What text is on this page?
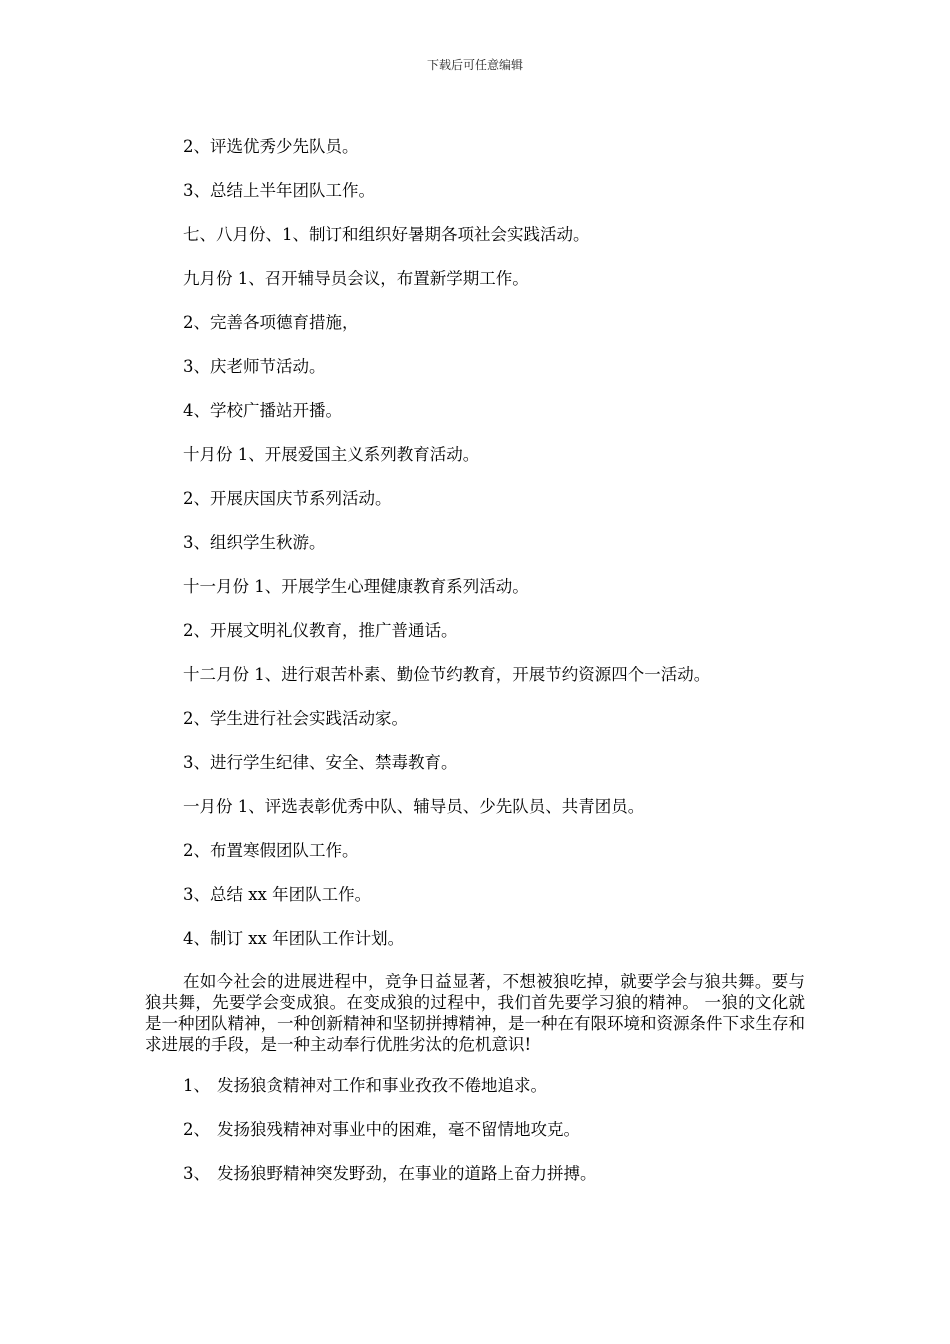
下载后可任意编辑
2、评选优秀少先队员。
3、总结上半年团队工作。
七、八月份、1、制订和组织好暑期各项社会实践活动。
九月份 1、召开辅导员会议，布置新学期工作。
2、完善各项德育措施，
3、庆老师节活动。
4、学校广播站开播。
十月份 1、开展爱国主义系列教育活动。
2、开展庆国庆节系列活动。
3、组织学生秋游。
十一月份 1、开展学生心理健康教育系列活动。
2、开展文明礼仪教育，推广普通话。
十二月份 1、进行艰苦朴素、勤俭节约教育，开展节约资源四个一活动。
2、学生进行社会实践活动家。
3、进行学生纪律、安全、禁毒教育。
一月份 1、评选表彰优秀中队、辅导员、少先队员、共青团员。
2、布置寒假团队工作。
3、总结 xx 年团队工作。
4、制订 xx 年团队工作计划。

在如今社会的进展进程中，竞争日益显著，不想被狼吃掉，就要学会与狼共舞。要与狼共舞，先要学会变成狼。在变成狼的过程中，我们首先要学习狼的精神。 一狼的文化就是一种团队精神，一种创新精神和坚韧拼搏精神，是一种在有限环境和资源条件下求生存和求进展的手段，是一种主动奉行优胜劣汰的危机意识!

1、 发扬狼贪精神对工作和事业孜孜不倦地追求。
2、 发扬狼残精神对事业中的困难，毫不留情地攻克。
3、 发扬狼野精神突发野劲，在事业的道路上奋力拼搏。
